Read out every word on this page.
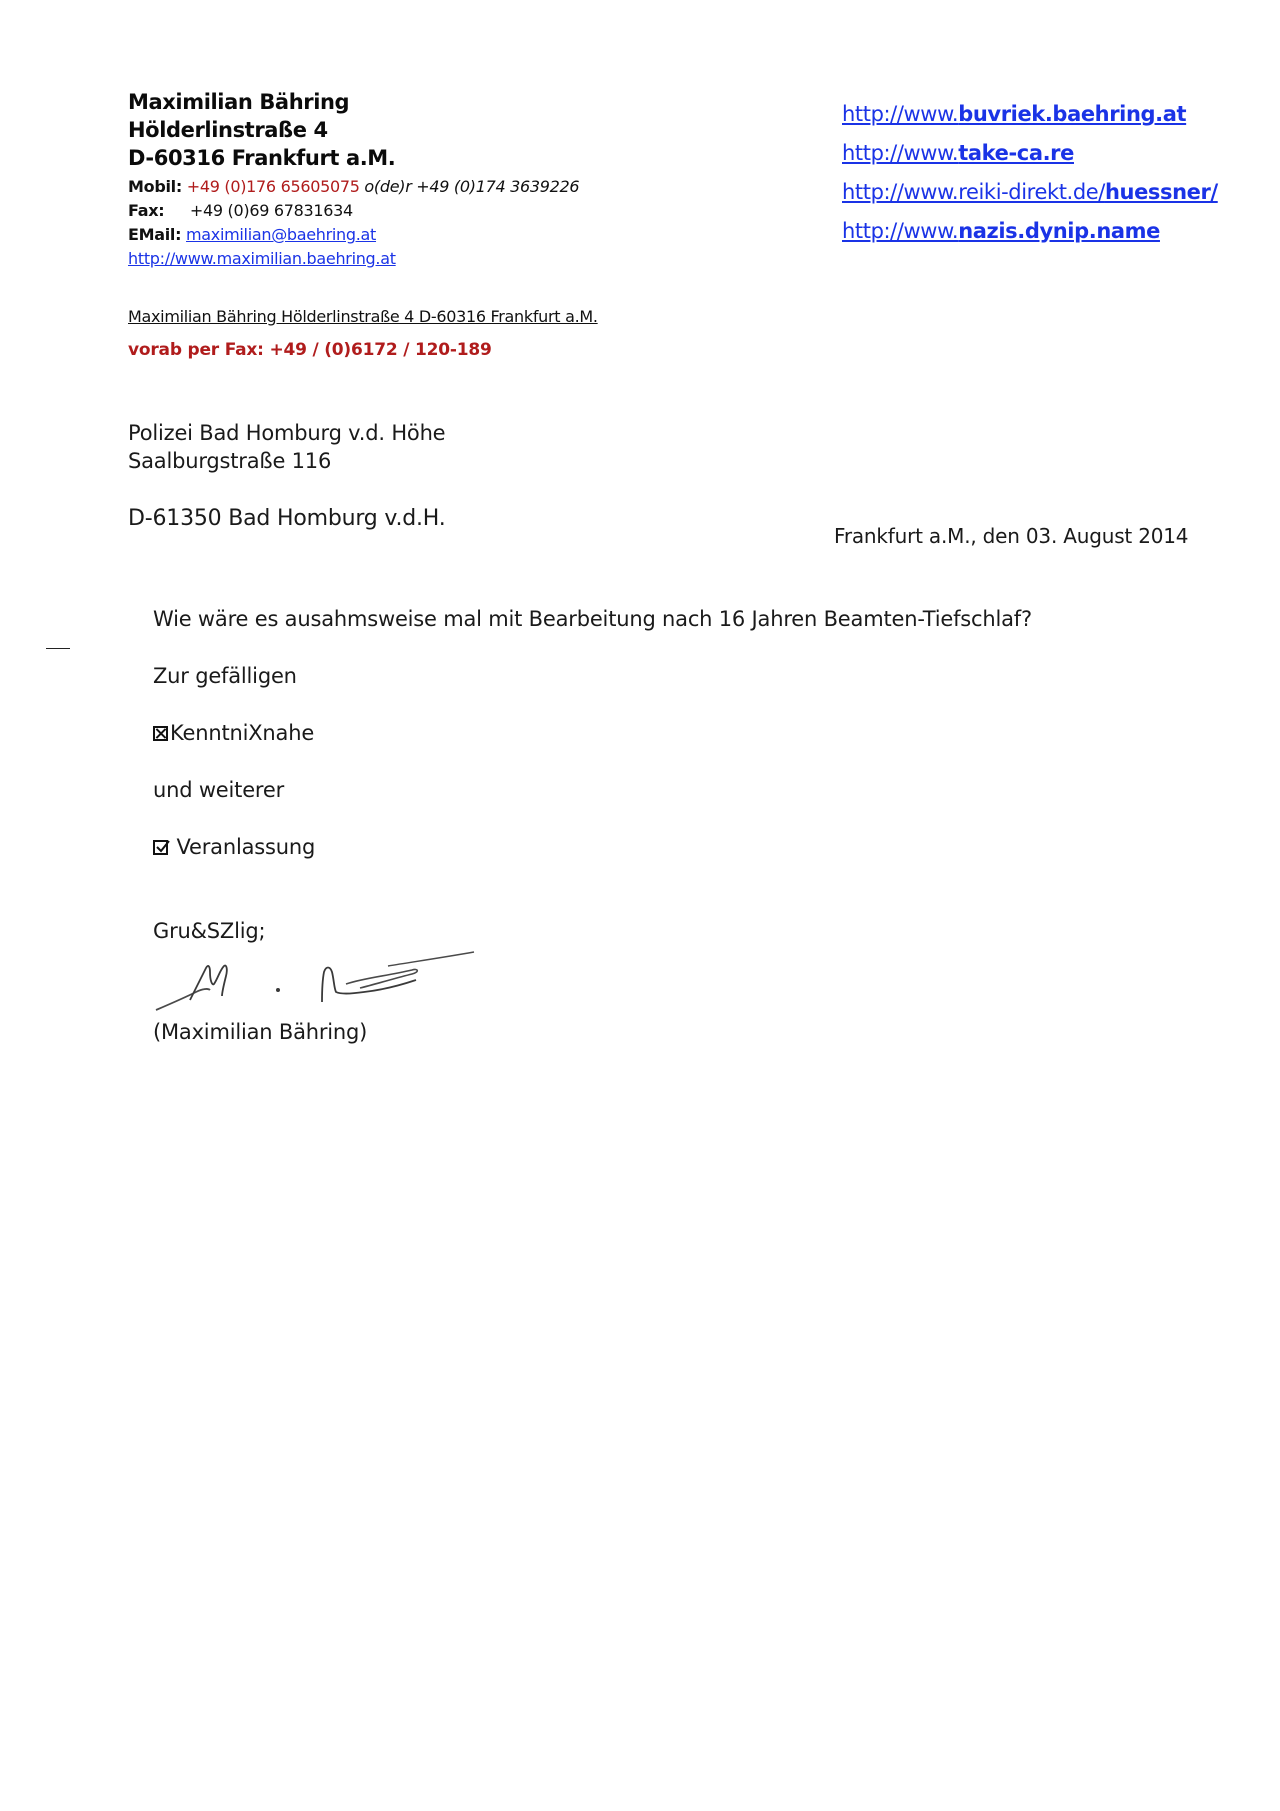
Maximilian Bähring
Hölderlinstraße 4
D-60316 Frankfurt a.M.
Mobil: +49 (0)176 65605075 o(de)r +49 (0)174 3639226
Fax: +49 (0)69 67831634
EMail: maximilian@baehring.at
http://www.maximilian.baehring.at
http://www.buvriek.baehring.at
http://www.take-ca.re
http://www.reiki-direkt.de/huessner/
http://www.nazis.dynip.name
Maximilian Bähring Hölderlinstraße 4 D-60316 Frankfurt a.M.
vorab per Fax: +49 / (0)6172 / 120-189
Polizei Bad Homburg v.d. Höhe
Saalburgstraße 116
D-61350 Bad Homburg v.d.H.
Frankfurt a.M., den 03. August 2014
Wie wäre es ausahmsweise mal mit Bearbeitung nach 16 Jahren Beamten-Tiefschlaf?
Zur gefälligen
KenntniXnahe
und weiterer
Veranlassung
Gru&SZlig;
(Maximilian Bähring)
